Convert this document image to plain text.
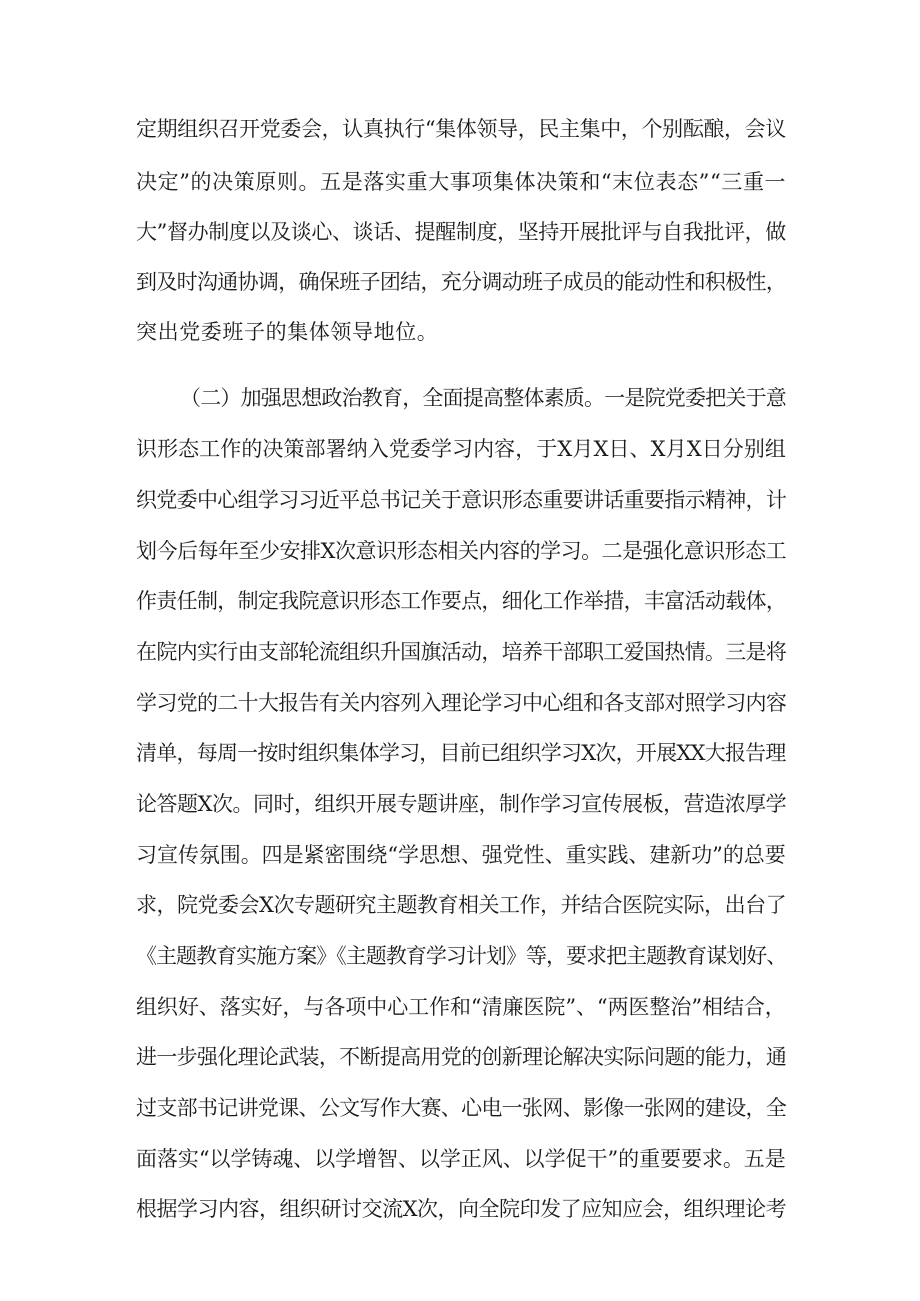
定期组织召开党委会，认真执行“集体领导，民主集中，个别酝酿，会议

决定”的决策原则。五是落实重大事项集体决策和“末位表态”“三重一

大”督办制度以及谈心、谈话、提醒制度，坚持开展批评与自我批评，做

到及时沟通协调，确保班子团结，充分调动班子成员的能动性和积极性，

突出党委班子的集体领导地位。

（二）加强思想政治教育，全面提高整体素质。一是院党委把关于意

识形态工作的决策部署纳入党委学习内容，于X月X日、X月X日分别组

织党委中心组学习习近平总书记关于意识形态重要讲话重要指示精神，计

划今后每年至少安排X次意识形态相关内容的学习。二是强化意识形态工

作责任制，制定我院意识形态工作要点，细化工作举措，丰富活动载体，

在院内实行由支部轮流组织升国旗活动，培养干部职工爱国热情。三是将

学习党的二十大报告有关内容列入理论学习中心组和各支部对照学习内容

清单，每周一按时组织集体学习，目前已组织学习X次，开展XX大报告理

论答题X次。同时，组织开展专题讲座，制作学习宣传展板，营造浓厚学

习宣传氛围。四是紧密围绕“学思想、强党性、重实践、建新功”的总要

求，院党委会X次专题研究主题教育相关工作，并结合医院实际，出台了

《主题教育实施方案》《主题教育学习计划》等，要求把主题教育谋划好、

组织好、落实好，与各项中心工作和“清廉医院”、“两医整治”相结合，

进一步强化理论武装，不断提高用党的创新理论解决实际问题的能力，通

过支部书记讲党课、公文写作大赛、心电一张网、影像一张网的建设，全

面落实“以学铸魂、以学增智、以学正风、以学促干”的重要要求。五是

根据学习内容，组织研讨交流X次，向全院印发了应知应会，组织理论考
